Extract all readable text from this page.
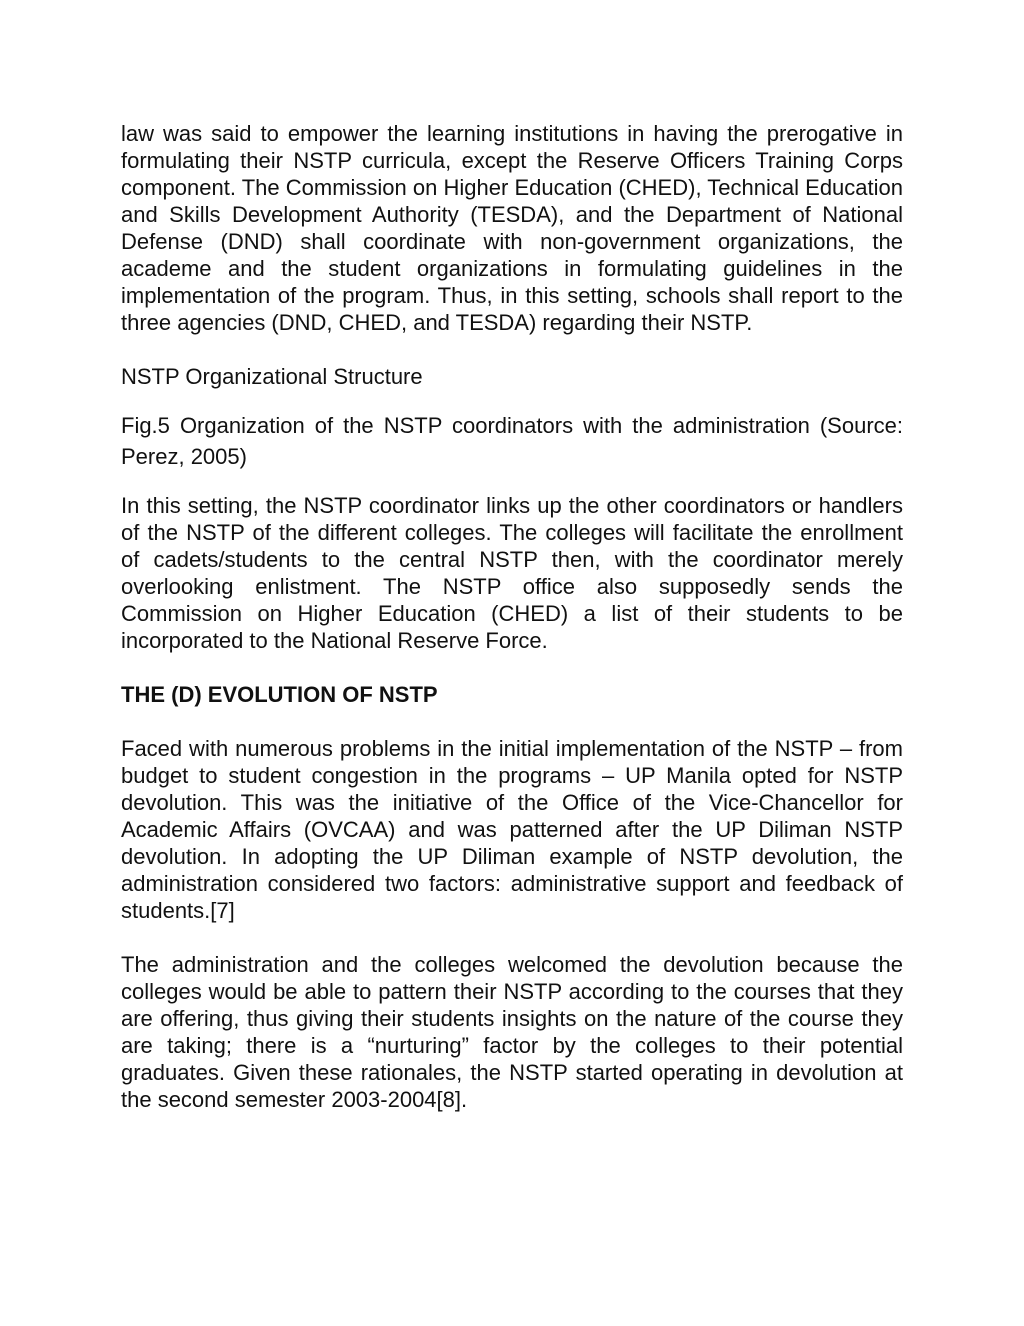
law was said to empower the learning institutions in having the prerogative in formulating their NSTP curricula, except the Reserve Officers Training Corps component. The Commission on Higher Education (CHED), Technical Education and Skills Development Authority (TESDA), and the Department of National Defense (DND) shall coordinate with non-government organizations, the academe and the student organizations in formulating guidelines in the implementation of the program. Thus, in this setting, schools shall report to the three agencies (DND, CHED, and TESDA) regarding their NSTP.

NSTP Organizational Structure

Fig.5 Organization of the NSTP coordinators with the administration (Source: Perez, 2005)

In this setting, the NSTP coordinator links up the other coordinators or handlers of the NSTP of the different colleges. The colleges will facilitate the enrollment of cadets/students to the central NSTP then, with the coordinator merely overlooking enlistment. The NSTP office also supposedly sends the Commission on Higher Education (CHED) a list of their students to be incorporated to the National Reserve Force.

THE (D) EVOLUTION OF NSTP

Faced with numerous problems in the initial implementation of the NSTP – from budget to student congestion in the programs – UP Manila opted for NSTP devolution. This was the initiative of the Office of the Vice-Chancellor for Academic Affairs (OVCAA) and was patterned after the UP Diliman NSTP devolution. In adopting the UP Diliman example of NSTP devolution, the administration considered two factors: administrative support and feedback of students.[7]

The administration and the colleges welcomed the devolution because the colleges would be able to pattern their NSTP according to the courses that they are offering, thus giving their students insights on the nature of the course they are taking; there is a “nurturing” factor by the colleges to their potential graduates. Given these rationales, the NSTP started operating in devolution at the second semester 2003-2004[8].
